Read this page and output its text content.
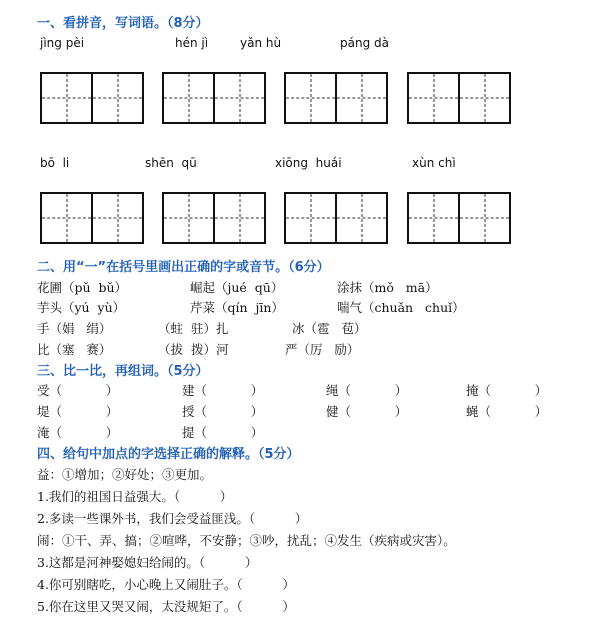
一、看拼音，写词语。（8分）
jìng pèi	hén jì	yǎn hù	páng dà
bō  li	shēn  qū	xiōng  huái	xùn chì
二、用“一”在括号里画出正确的字或音节。（6分）
花圃（pǔ  bǔ）	崛起（jué  qū）	涂抹（mǒ   mā）
芋头（yú  yù）	芹菜（qín  jīn）	喘气（chuǎn   chuǐ）
手（娟   绢）	（蛀  驻）扎	冰（雹   苞）
比（塞   赛）	（拔  拨）河	严（厉   励）
三、比一比，再组词。（5分）
受（           ）	建（           ）	绳（           ）	掩（           ）
堤（           ）	授（           ）	健（           ）	蝇（           ）
淹（           ）	提（           ）
四、给句中加点的字选择正确的解释。（5分）
益：①增加；②好处；③更加。
1.我们的祖国日益强大。（          ）
2.多读一些课外书，我们会受益匪浅。（          ）
闹：①干、弄、搞；②喧哗，不安静；③吵，扰乱；④发生（疾病或灾害）。
3.这都是河神娶媳妇给闹的。（          ）
4.你可别瞎吃，小心晚上又闹肚子。（          ）
5.你在这里又哭又闹，太没规矩了。（          ）
